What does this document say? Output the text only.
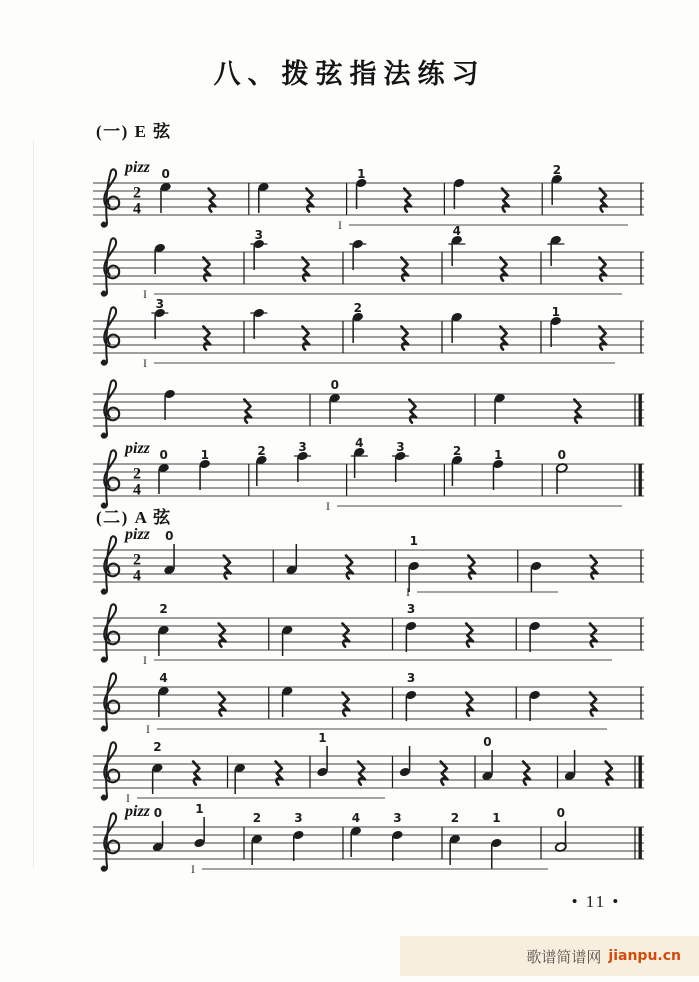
八、拨弦指法练习
(一) E 弦
(二) A 弦
2
4
pizz 0	1	2
I
3	4
I
3	2	1
I
0
2
4
pizz 0	1	2	3	4	3	2	1	0
I
2
4
pizz 0	1
I
2	3
I
4	3
I
2
1	0
I
pizz 0	1
2	3	4	3	2	1	0
I
• 11 •
歌谱简谱网 jianpu.cn
